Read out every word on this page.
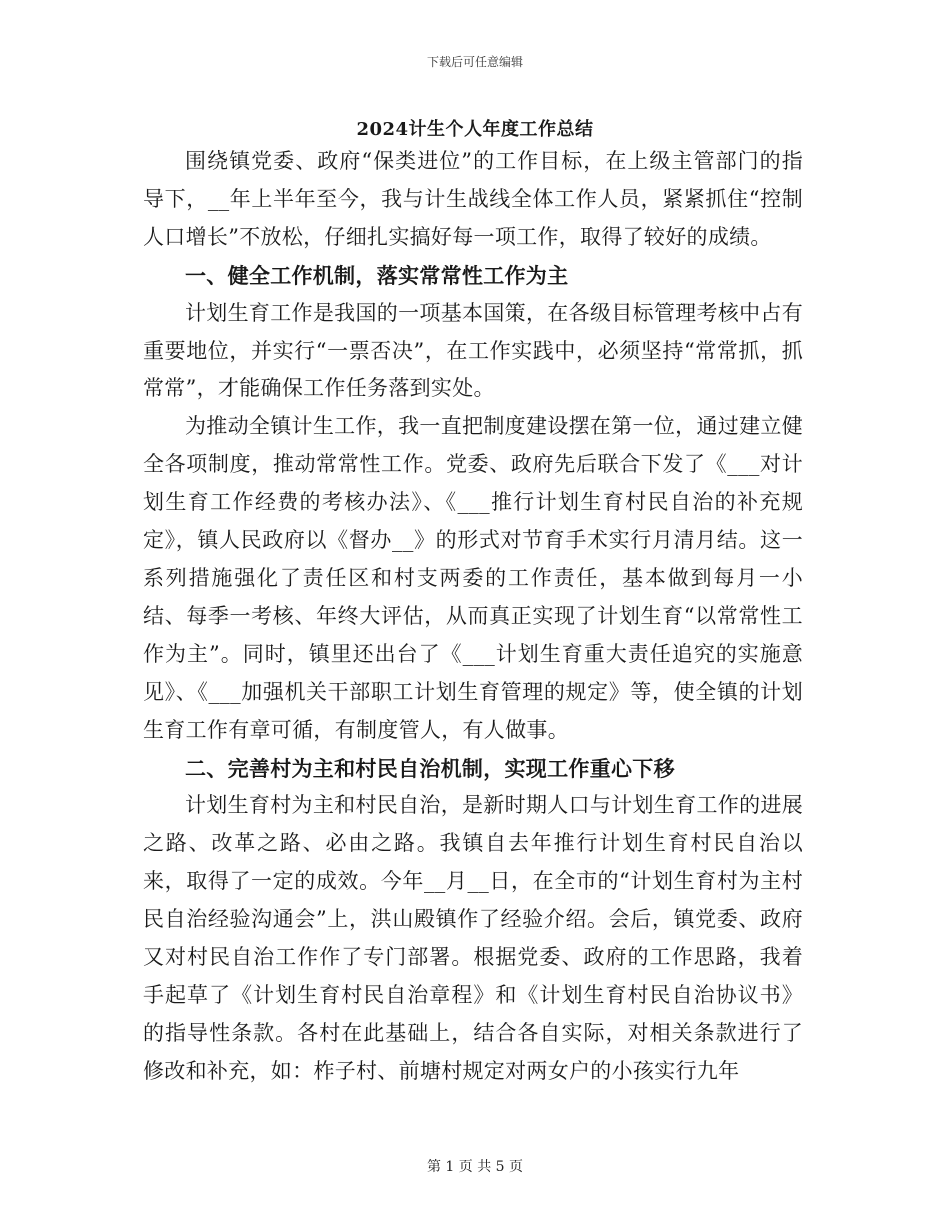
下载后可任意编辑
2024计生个人年度工作总结

围绕镇党委、政府“保类进位”的工作目标，在上级主管部门的指导下，__年上半年至今，我与计生战线全体工作人员，紧紧抓住“控制人口增长”不放松，仔细扎实搞好每一项工作，取得了较好的成绩。

一、健全工作机制，落实常常性工作为主

计划生育工作是我国的一项基本国策，在各级目标管理考核中占有重要地位，并实行“一票否决”，在工作实践中，必须坚持“常常抓，抓常常”，才能确保工作任务落到实处。

为推动全镇计生工作，我一直把制度建设摆在第一位，通过建立健全各项制度，推动常常性工作。党委、政府先后联合下发了《___对计划生育工作经费的考核办法》、《___推行计划生育村民自治的补充规定》，镇人民政府以《督办__》的形式对节育手术实行月清月结。这一系列措施强化了责任区和村支两委的工作责任，基本做到每月一小结、每季一考核、年终大评估，从而真正实现了计划生育“以常常性工作为主”。同时，镇里还出台了《___计划生育重大责任追究的实施意见》、《___加强机关干部职工计划生育管理的规定》等，使全镇的计划生育工作有章可循，有制度管人，有人做事。

二、完善村为主和村民自治机制，实现工作重心下移

计划生育村为主和村民自治，是新时期人口与计划生育工作的进展之路、改革之路、必由之路。我镇自去年推行计划生育村民自治以来，取得了一定的成效。今年__月__日，在全市的“计划生育村为主村民自治经验沟通会”上，洪山殿镇作了经验介绍。会后，镇党委、政府又对村民自治工作作了专门部署。根据党委、政府的工作思路，我着手起草了《计划生育村民自治章程》和《计划生育村民自治协议书》的指导性条款。各村在此基础上，结合各自实际，对相关条款进行了修改和补充，如：柞子村、前塘村规定对两女户的小孩实行九年

第 1 页 共 5 页
